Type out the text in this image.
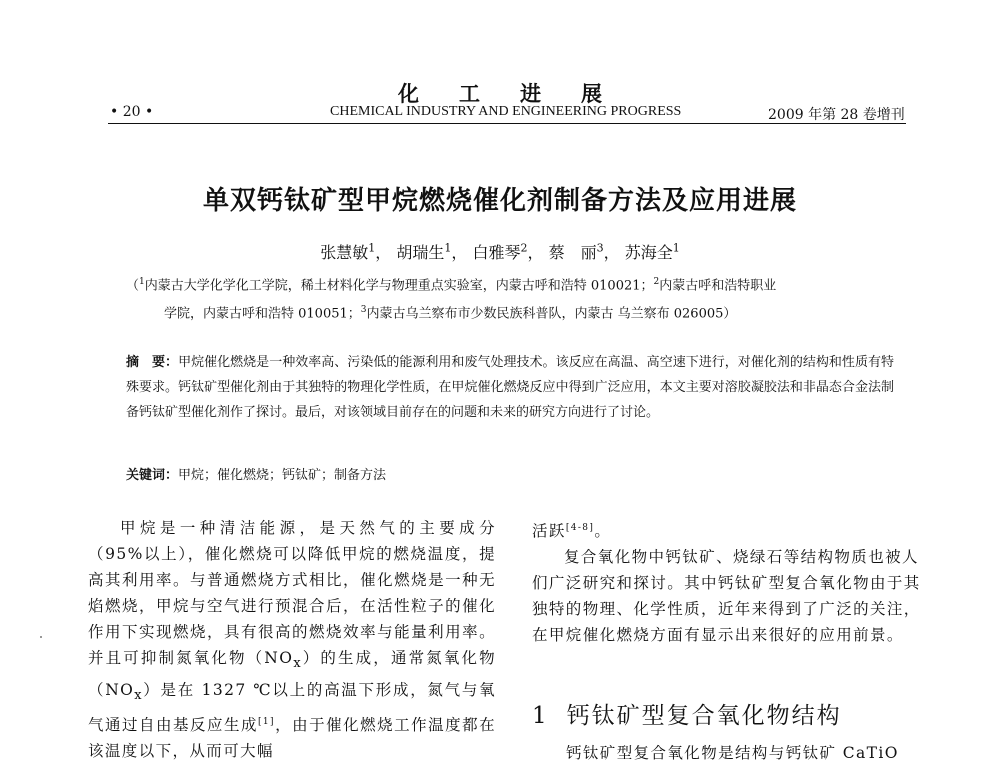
化工进展
• 20 •	CHEMICAL INDUSTRY AND ENGINEERING PROGRESS	2009 年第 28 卷增刊
单双钙钛矿型甲烷燃烧催化剂制备方法及应用进展
张慧敏$^1$， 胡瑞生$^1$， 白雅琴$^2$， 蔡　丽$^3$， 苏海全$^1$
（$^1$内蒙古大学化学化工学院，稀土材料化学与物理重点实验室，内蒙古呼和浩特 010021；$^2$内蒙古呼和浩特职业
学院，内蒙古呼和浩特 010051；$^3$内蒙古乌兰察布市少数民族科普队，内蒙古 乌兰察布 026005）
摘　要：甲烷催化燃烧是一种效率高、污染低的能源利用和废气处理技术。该反应在高温、高空速下进行，对催化剂的结构和性质有特殊要求。钙钛矿型催化剂由于其独特的物理化学性质，在甲烷催化燃烧反应中得到广泛应用，本文主要对溶胶凝胶法和非晶态合金法制备钙钛矿型催化剂作了探讨。最后，对该领域目前存在的问题和未来的研究方向进行了讨论。
关键词：甲烷；催化燃烧；钙钛矿；制备方法

甲烷是一种清洁能源，是天然气的主要成分（95%以上），催化燃烧可以降低甲烷的燃烧温度，提高其利用率。与普通燃烧方式相比，催化燃烧是一种无焰燃烧，甲烷与空气进行预混合后，在活性粒子的催化作用下实现燃烧，具有很高的燃烧效率与能量利用率。并且可抑制氮氧化物$(NO_x)$的生成，通常氮氧化物$(NO_x)$是在 1327 ℃以上的高温下形成，氮气与氧气通过自由基反应生成[1]，由于催化燃烧工作温度都在该温度以下，从而可大幅

活跃[4-8]。

复合氧化物中钙钛矿、烧绿石等结构物质也被人们广泛研究和探讨。其中钙钛矿型复合氧化物由于其独特的物理、化学性质，近年来得到了广泛的关注，在甲烷催化燃烧方面有显示出来很好的应用前景。

1 钙钛矿型复合氧化物结构
钙钛矿型复合氧化物是结构与钙钛矿 CaTiO
